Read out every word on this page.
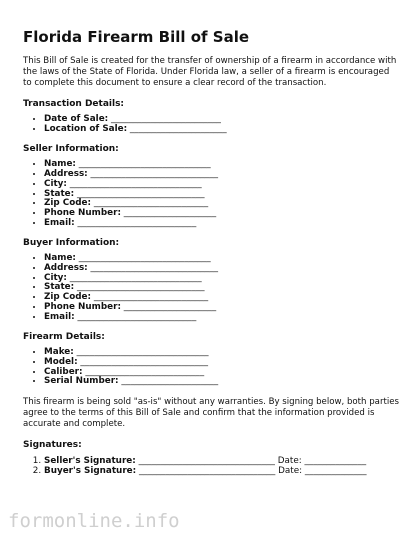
Florida Firearm Bill of Sale

This Bill of Sale is created for the transfer of ownership of a firearm in accordance with the laws of the State of Florida. Under Florida law, a seller of a firearm is encouraged to complete this document to ensure a clear record of the transaction.

Transaction Details:
• Date of Sale: _________________________
• Location of Sale: ______________________
Seller Information:
• Name: ______________________________
• Address: _____________________________
• City: ______________________________
• State: _____________________________
• Zip Code: __________________________
• Phone Number: _____________________
• Email: ___________________________
Buyer Information:
• Name: ______________________________
• Address: _____________________________
• City: ______________________________
• State: _____________________________
• Zip Code: __________________________
• Phone Number: _____________________
• Email: ___________________________
Firearm Details:
• Make: ______________________________
• Model: _____________________________
• Caliber: ___________________________
• Serial Number: ______________________

This firearm is being sold "as-is" without any warranties. By signing below, both parties agree to the terms of this Bill of Sale and confirm that the information provided is accurate and complete.

Signatures:
1. Seller's Signature: _______________________________ Date: ______________
2. Buyer's Signature: _______________________________ Date: ______________
formonline.info
